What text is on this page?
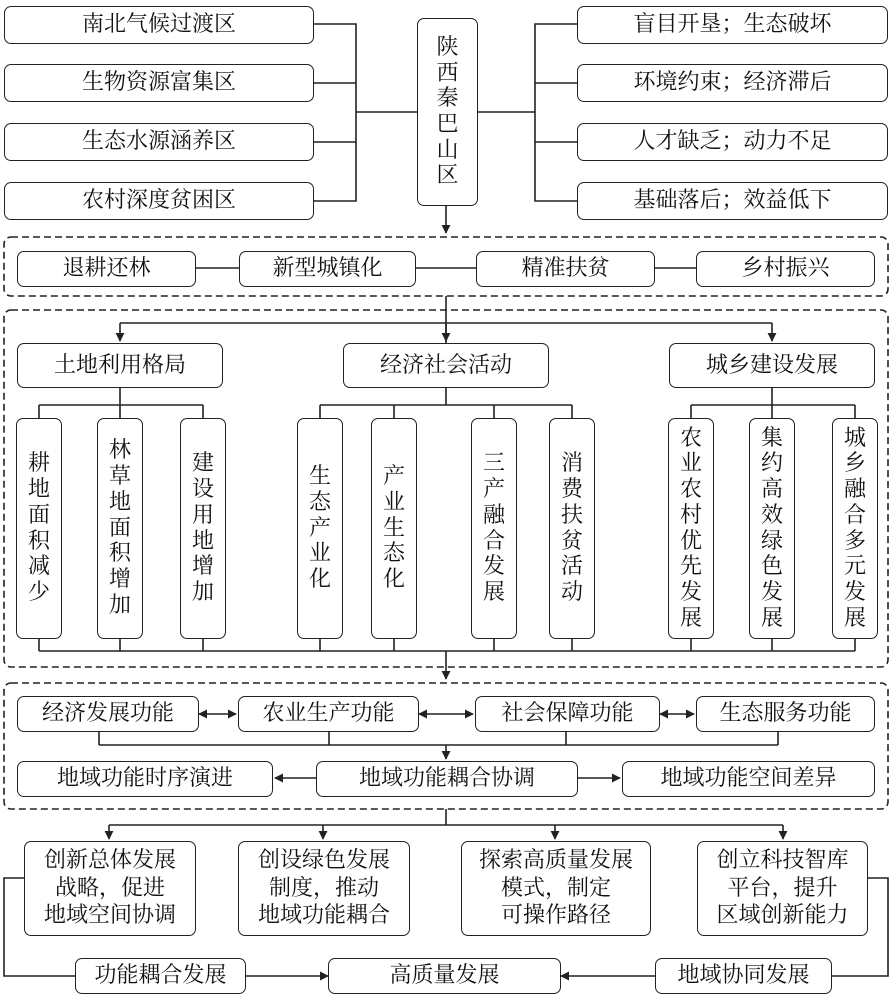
南北气候过渡区
生物资源富集区
生态水源涵养区
农村深度贫困区
陕西秦巴山区
盲目开垦；生态破坏
环境约束；经济滞后
人才缺乏；动力不足
基础落后；效益低下
退耕还林	新型城镇化	精准扶贫	乡村振兴
土地利用格局	经济社会活动	城乡建设发展
耕地面积减少
林草地面积增加
建设用地增加
生态产业化
产业生态化
三产融合发展
消费扶贫活动
农业农村优先发展
集约高效绿色发展
城乡融合多元发展
经济发展功能	农业生产功能	社会保障功能	生态服务功能
地域功能时序演进	地域功能耦合协调	地域功能空间差异
创新总体发展
战略，促进
地域空间协调
创设绿色发展
制度，推动
地域功能耦合
探索高质量发展
模式，制定
可操作路径
创立科技智库
平台，提升
区域创新能力
功能耦合发展	高质量发展	地域协同发展
